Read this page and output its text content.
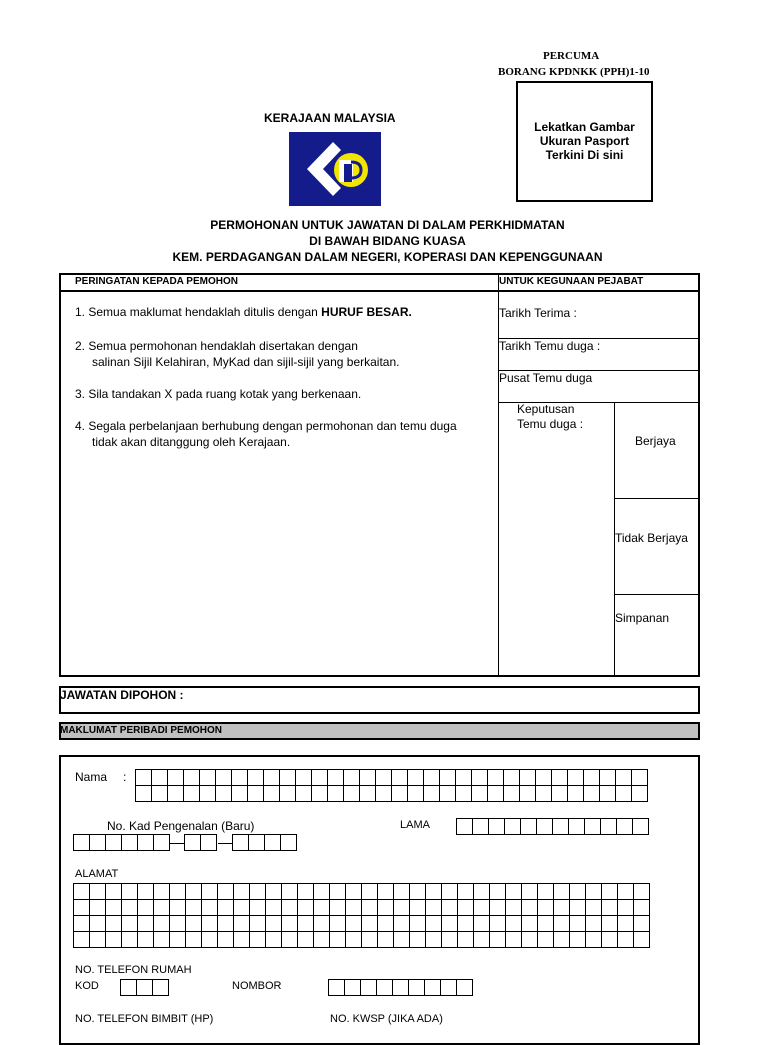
PERCUMA
BORANG KPDNKK (PPH)1-10
KERAJAAN MALAYSIA
Lekatkan Gambar
Ukuran Pasport
Terkini Di sini
PERMOHONAN UNTUK JAWATAN DI DALAM PERKHIDMATAN
DI BAWAH BIDANG KUASA
KEM. PERDAGANGAN DALAM NEGERI, KOPERASI DAN KEPENGGUNAAN
PERINGATAN KEPADA PEMOHON	UNTUK KEGUNAAN PEJABAT
1. Semua maklumat hendaklah ditulis dengan HURUF BESAR.
2. Semua permohonan hendaklah disertakan dengan
salinan Sijil Kelahiran, MyKad dan sijil-sijil yang berkaitan.
3. Sila tandakan X pada ruang kotak yang berkenaan.
4. Segala perbelanjaan berhubung dengan permohonan dan temu duga
tidak akan ditanggung oleh Kerajaan.
Tarikh Terima :
Tarikh Temu duga :
Pusat Temu duga
Keputusan
Temu duga :
Berjaya
Tidak Berjaya
Simpanan
JAWATAN DIPOHON :
MAKLUMAT PERIBADI PEMOHON
Nama :

No. Kad Pengenalan (Baru)	LAMA

ALAMAT

NO. TELEFON RUMAH
KOD
			NOMBOR

NO. TELEFON BIMBIT (HP)	NO. KWSP (JIKA ADA)
